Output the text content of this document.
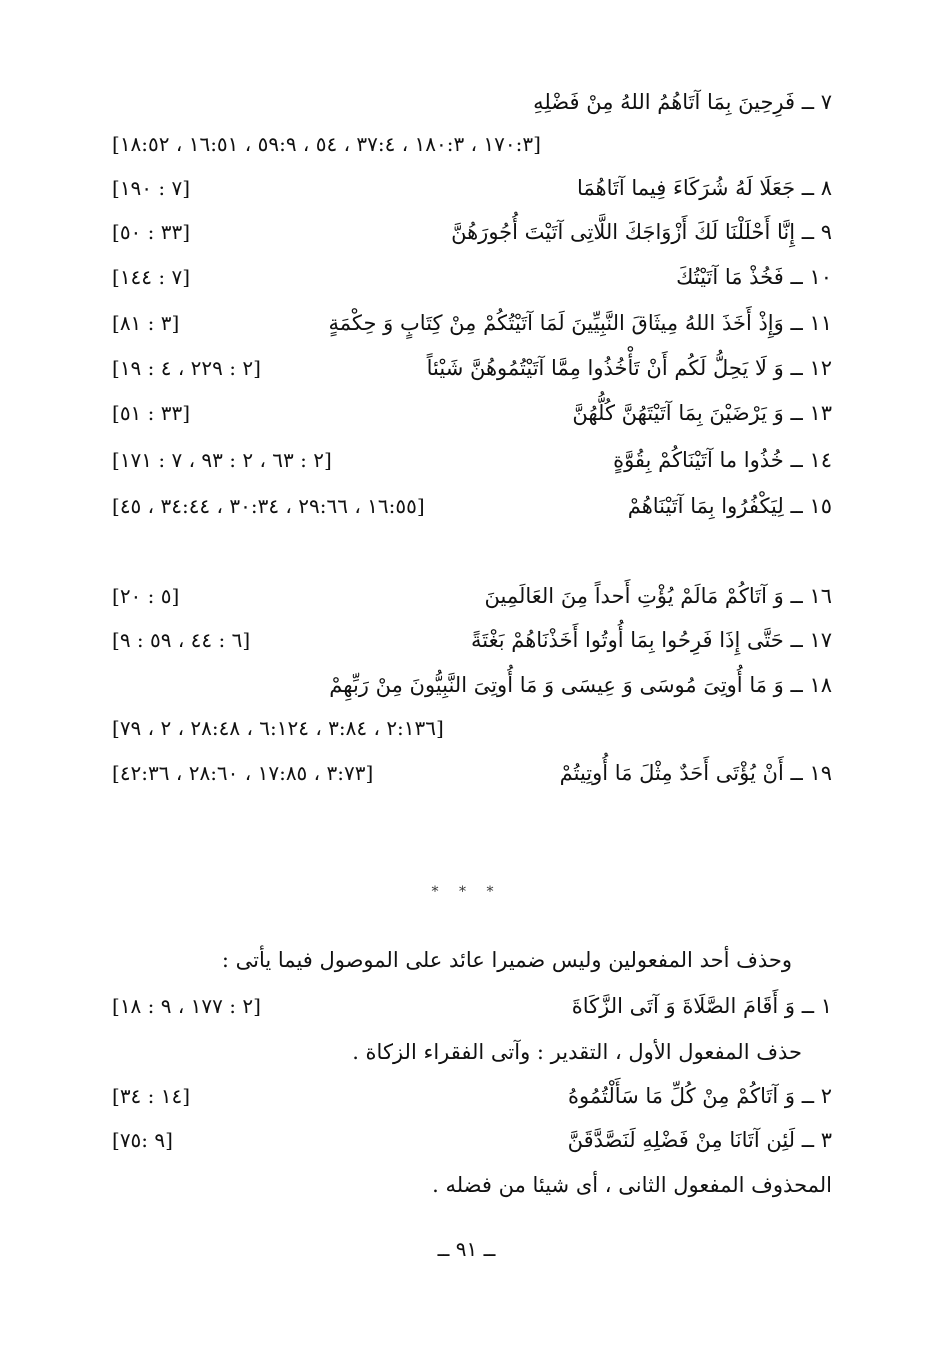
٧ ــ فَرِحِينَ بِمَا آتَاهُمُ اللهُ مِنْ فَضْلِهِ
[١٧٠:٣ ، ١٨٠:٣ ، ٣٧:٤ ، ٥٤ ، ٥٩:٩ ، ١٦:٥١ ، ١٨:٥٢]
٨ ــ جَعَلَا لَهُ شُرَكَاءَ فِيما آتَاهُمَا
[٧ : ١٩٠]
٩ ــ إِنَّا أَحْلَلْنَا لَكَ أَزْوَاجَكَ اللَّاتِى آتَيْتَ أُجُورَهُنَّ
[٣٣ : ٥٠]
١٠ ــ فَخُذْ مَا آتَيْتُكَ
[٧ : ١٤٤]
١١ ــ وَإِذْ أَخَذَ اللهُ مِيثَاقَ النَّبِيِّينَ لَمَا آتَيْتُكُمْ مِنْ كِتَابٍ وَ حِكْمَةٍ
[٣ : ٨١]
١٢ ــ وَ لَا يَحِلُّ لَكُم أَنْ تَأْخُذُوا مِمَّا آتَيْتُمُوهُنَّ شَيْئاً
[٢ : ٢٢٩ ، ٤ : ١٩]
١٣ ــ وَ يَرْضَيْنَ بِمَا آتَيْتَهُنَّ كُلُّهُنَّ
[٣٣ : ٥١]
١٤ ــ خُذُوا ما آتَيْنَاكُمْ بِقُوَّةٍ
[٢ : ٦٣ ، ٢ : ٩٣ ، ٧ : ١٧١]
١٥ ــ لِيَكْفُرُوا بِمَا آتَيْنَاهُمْ
[١٦:٥٥ ، ٢٩:٦٦ ، ٣٠:٣٤ ، ٣٤:٤٤ ، ٤٥]
١٦ ــ وَ آتَاكُمْ مَالَمْ يُؤْتِ أَحداً مِنَ العَالَمِينَ
[٥ : ٢٠]
١٧ ــ حَتَّى إِذَا فَرِحُوا بِمَا أُوتُوا أَخَذْنَاهُمْ بَغْتَةً
[٦ : ٤٤ ، ٥٩ : ٩]
١٨ ــ وَ مَا أُوتِىَ مُوسَى وَ عِيسَى وَ مَا أُوتِىَ النَّبِيُّونَ مِنْ رَبِّهِمْ
[٢:١٣٦ ، ٣:٨٤ ، ٦:١٢٤ ، ٢٨:٤٨ ، ٢ ، ٧٩]
١٩ ــ أَنْ يُؤْتَى أَحَدٌ مِثْلَ مَا أُوتِيتُمْ
[٣:٧٣ ، ١٧:٨٥ ، ٢٨:٦٠ ، ٤٢:٣٦]
* * *
وحذف أحد المفعولين وليس ضميرا عائد على الموصول فيما يأتى :
١ ــ وَ أَقَامَ الصَّلَاةَ وَ آتَى الزَّكَاةَ
[٢ : ١٧٧ ، ٩ : ١٨]
حذف المفعول الأول ، التقدير : وآتى الفقراء الزكاة .
٢ ــ وَ آتَاكُمْ مِنْ كُلِّ مَا سَأَلْتُمُوهُ
[١٤ : ٣٤]
٣ ــ لَئِن آتَانَا مِنْ فَضْلِهِ لَنَصَّدَّقَنَّ
[٩ :٧٥]
المحذوف المفعول الثانى ، أى شيئا من فضله .
ــ ٩١ ــ
